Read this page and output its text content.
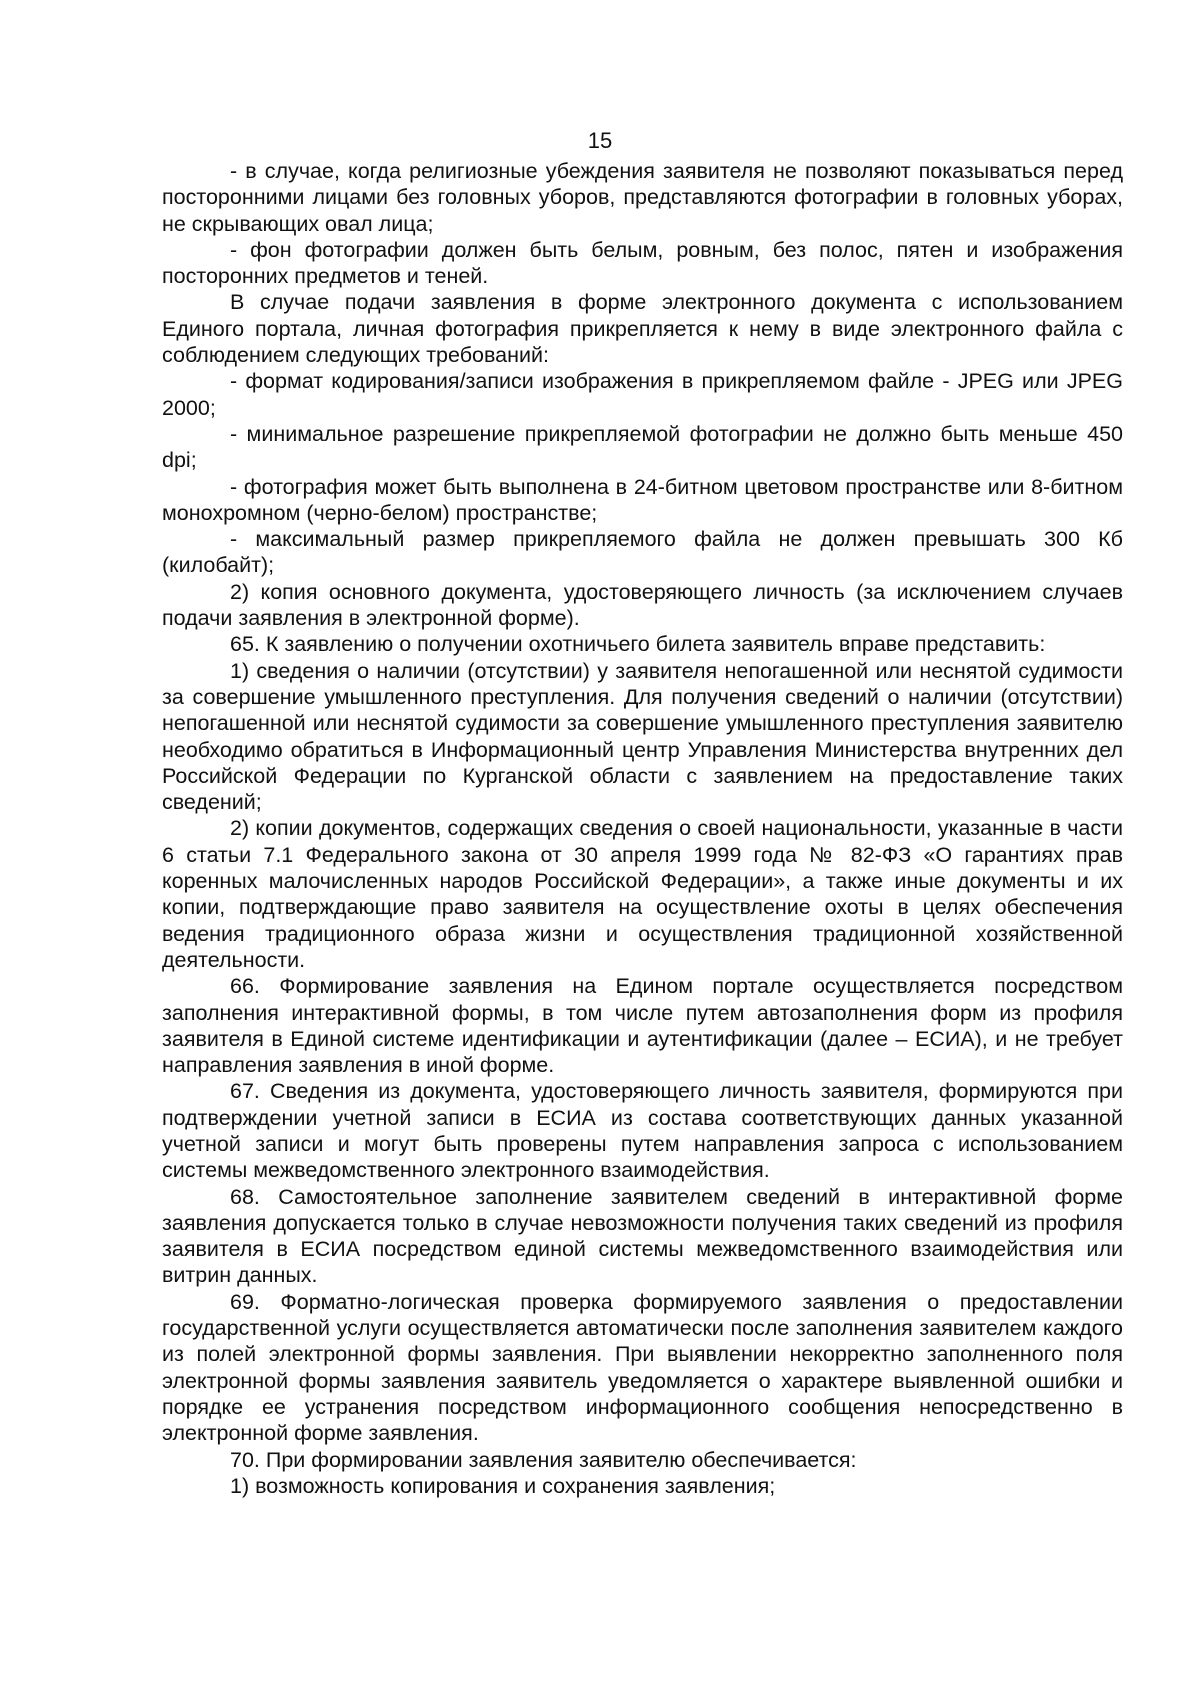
15

- в случае, когда религиозные убеждения заявителя не позволяют показываться перед посторонними лицами без головных уборов, представляются фотографии в головных уборах, не скрывающих овал лица;

- фон фотографии должен быть белым, ровным, без полос, пятен и изображения посторонних предметов и теней.

В случае подачи заявления в форме электронного документа с использованием Единого портала, личная фотография прикрепляется к нему в виде электронного файла с соблюдением следующих требований:

- формат кодирования/записи изображения в прикрепляемом файле - JPEG или JPEG 2000;

- минимальное разрешение прикрепляемой фотографии не должно быть меньше 450 dpi;

- фотография может быть выполнена в 24-битном цветовом пространстве или 8-битном монохромном (черно-белом) пространстве;

- максимальный размер прикрепляемого файла не должен превышать 300 Кб (килобайт);

2) копия основного документа, удостоверяющего личность (за исключением случаев подачи заявления в электронной форме).

65. К заявлению о получении охотничьего билета заявитель вправе представить:

1) сведения о наличии (отсутствии) у заявителя непогашенной или неснятой судимости за совершение умышленного преступления. Для получения сведений о наличии (отсутствии) непогашенной или неснятой судимости за совершение умышленного преступления заявителю необходимо обратиться в Информационный центр Управления Министерства внутренних дел Российской Федерации по Курганской области с заявлением на предоставление таких сведений;

2) копии документов, содержащих сведения о своей национальности, указанные в части 6 статьи 7.1 Федерального закона от 30 апреля 1999 года № 82-ФЗ «О гарантиях прав коренных малочисленных народов Российской Федерации», а также иные документы и их копии, подтверждающие право заявителя на осуществление охоты в целях обеспечения ведения традиционного образа жизни и осуществления традиционной хозяйственной деятельности.

66. Формирование заявления на Едином портале осуществляется посредством заполнения интерактивной формы, в том числе путем автозаполнения форм из профиля заявителя в Единой системе идентификации и аутентификации (далее – ЕСИА), и не требует направления заявления в иной форме.

67. Сведения из документа, удостоверяющего личность заявителя, формируются при подтверждении учетной записи в ЕСИА из состава соответствующих данных указанной учетной записи и могут быть проверены путем направления запроса с использованием системы межведомственного электронного взаимодействия.

68. Самостоятельное заполнение заявителем сведений в интерактивной форме заявления допускается только в случае невозможности получения таких сведений из профиля заявителя в ЕСИА посредством единой системы межведомственного взаимодействия или витрин данных.

69. Форматно-логическая проверка формируемого заявления о предоставлении государственной услуги осуществляется автоматически после заполнения заявителем каждого из полей электронной формы заявления. При выявлении некорректно заполненного поля электронной формы заявления заявитель уведомляется о характере выявленной ошибки и порядке ее устранения посредством информационного сообщения непосредственно в электронной форме заявления.

70. При формировании заявления заявителю обеспечивается:

1) возможность копирования и сохранения заявления;
